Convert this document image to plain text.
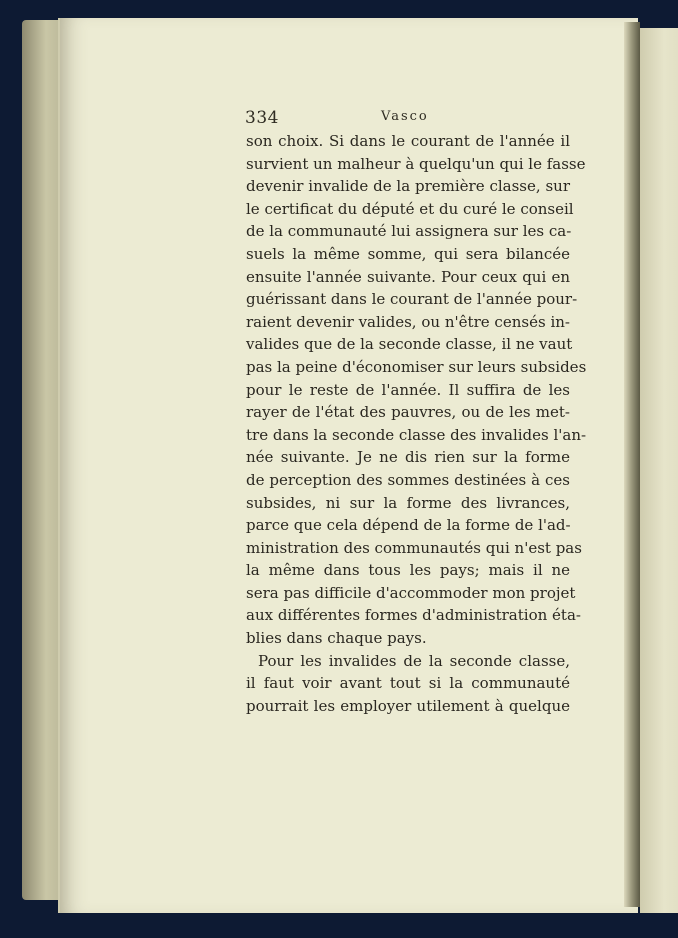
334	Vasco
son choix. Si dans le courant de l'année il
survient un malheur à quelqu'un qui le fasse
devenir invalide de la première classe, sur
le certificat du député et du curé le conseil
de la communauté lui assignera sur les ca-
suels la même somme, qui sera bilancée
ensuite l'année suivante. Pour ceux qui en
guérissant dans le courant de l'année pour-
raient devenir valides, ou n'être censés in-
valides que de la seconde classe, il ne vaut
pas la peine d'économiser sur leurs subsides
pour le reste de l'année. Il suffira de les
rayer de l'état des pauvres, ou de les met-
tre dans la seconde classe des invalides l'an-
née suivante. Je ne dis rien sur la forme
de perception des sommes destinées à ces
subsides, ni sur la forme des livrances,
parce que cela dépend de la forme de l'ad-
ministration des communautés qui n'est pas
la même dans tous les pays; mais il ne
sera pas difficile d'accommoder mon projet
aux différentes formes d'administration éta-
blies dans chaque pays.
Pour les invalides de la seconde classe,
il faut voir avant tout si la communauté
pourrait les employer utilement à quelque
